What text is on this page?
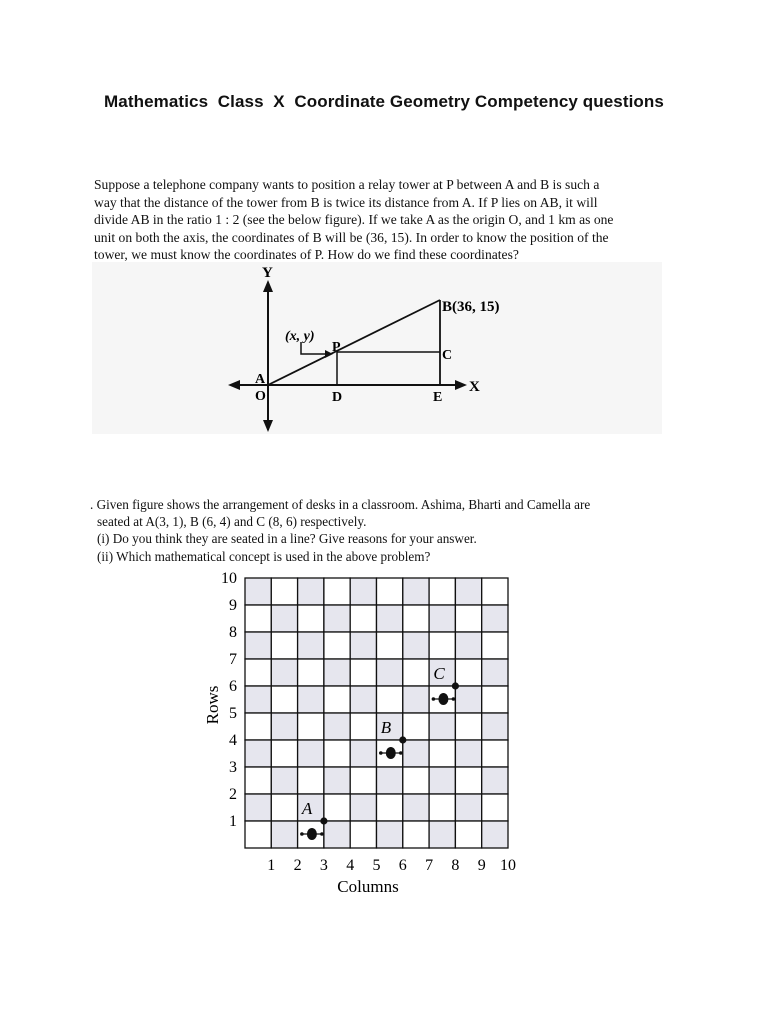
Mathematics  Class  X  Coordinate Geometry Competency questions

Suppose a telephone company wants to position a relay tower at P between A and B is such a

way that the distance of the tower from B is twice its distance from A. If P lies on AB, it will

divide AB in the ratio 1 : 2 (see the below figure). If we take A as the origin O, and 1 km as one

unit on both the axis, the coordinates of B will be (36, 15). In order to know the position of the

tower, we must know the coordinates of P. How do we find these coordinates?

Y
X
B(36, 15)
P
C
A
O	D	E
(x, y)

. Given figure shows the arrangement of desks in a classroom. Ashima, Bharti and Camella are

seated at A(3, 1), B (6, 4) and C (8, 6) respectively.

(i) Do you think they are seated in a line? Give reasons for your answer.

(ii) Which mathematical concept is used in the above problem?

10
9
8
7
6
5
4
3
2
1
1 2 3 4 5 6 7 8 9 10
A
B
C
Rows
Columns
